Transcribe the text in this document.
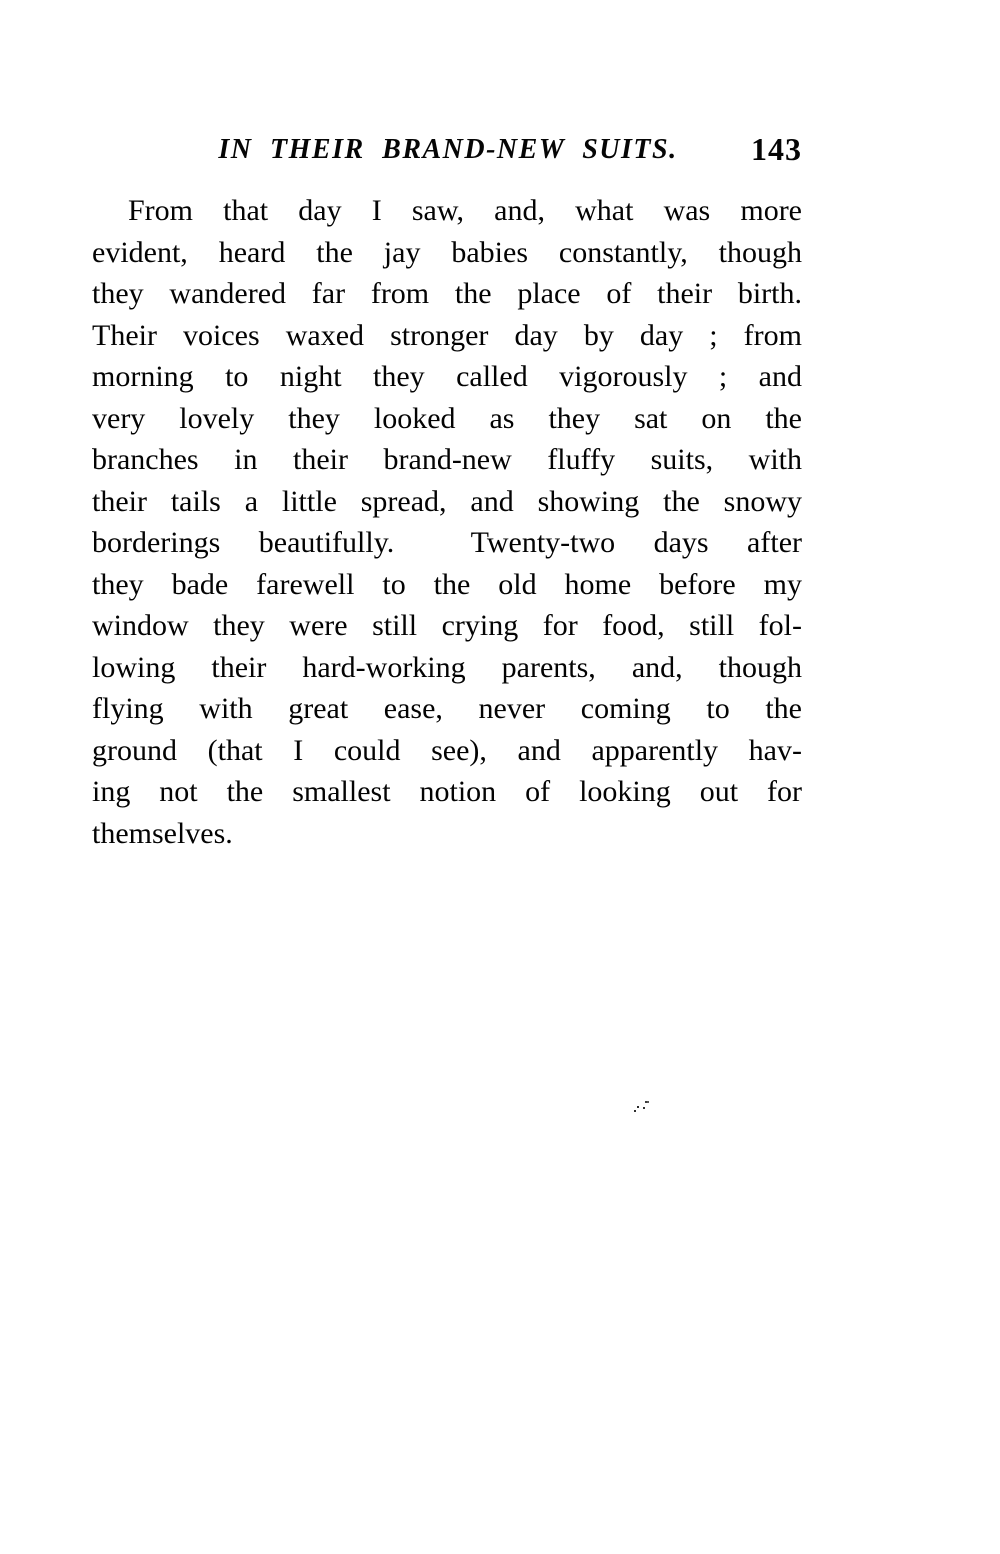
IN THEIR BRAND-NEW SUITS.	143
From that day I saw, and, what was more
evident, heard the jay babies constantly, though
they wandered far from the place of their birth.
Their voices waxed stronger day by day ; from
morning to night they called vigorously ; and
very lovely they looked as they sat on the
branches in their brand-new fluffy suits, with
their tails a little spread, and showing the snowy
borderings beautifully.  Twenty-two days after
they bade farewell to the old home before my
window they were still crying for food, still fol-
lowing their hard-working parents, and, though
flying with great ease, never coming to the
ground (that I could see), and apparently hav-
ing not the smallest notion of looking out for
themselves.
